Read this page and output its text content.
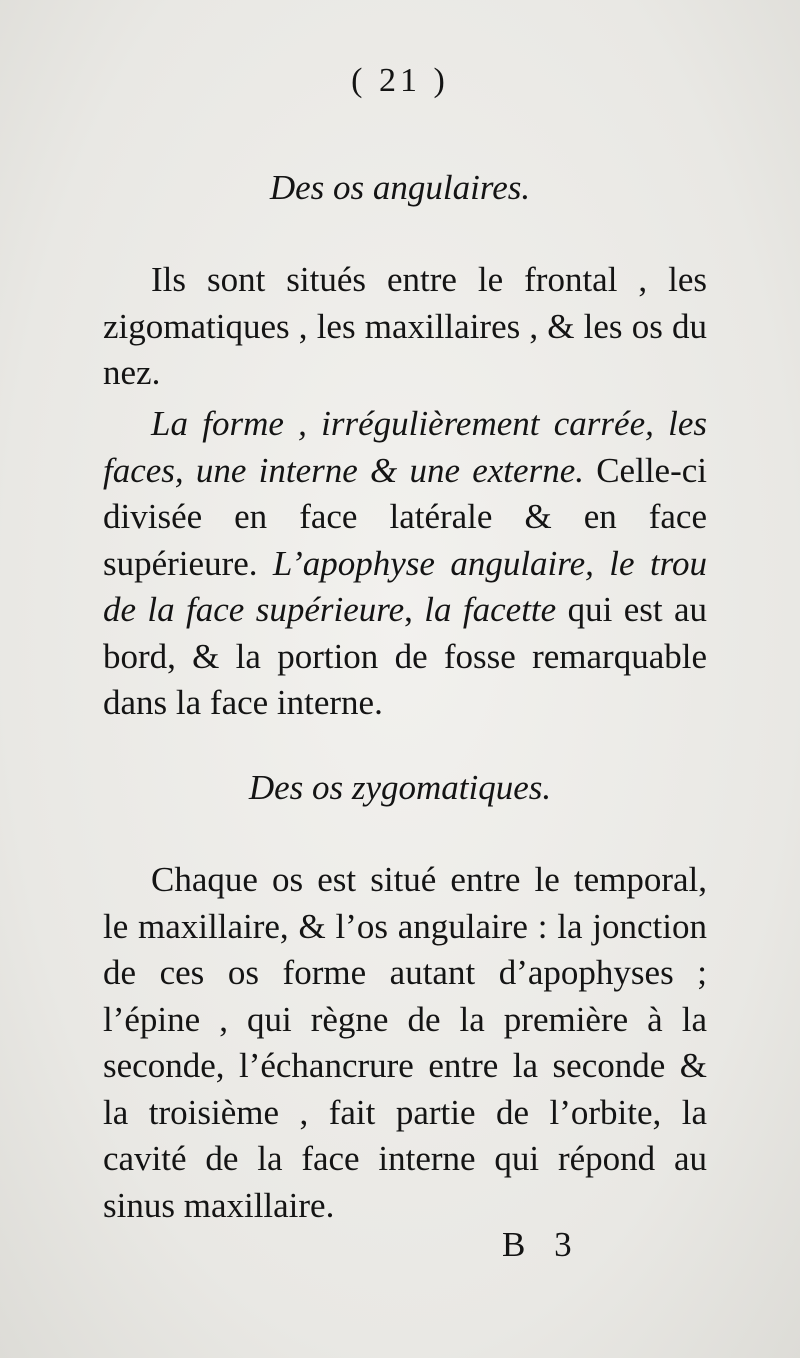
( 21 )
Des os angulaires.
Ils sont situés entre le frontal , les zigomatiques , les maxillaires , & les os du nez.
La forme , irrégulièrement carrée, les faces, une interne & une externe. Celle-ci divisée en face latérale & en face supérieure. L’apophyse angulaire, le trou de la face supérieure, la facette qui est au bord, & la portion de fosse remarquable dans la face interne.
Des os zygomatiques.
Chaque os est situé entre le temporal, le maxillaire, & l’os angulaire : la jonction de ces os forme autant d’apophyses ; l’épine , qui règne de la première à la seconde, l’échancrure entre la seconde & la troisième , fait partie de l’orbite, la cavité de la face interne qui répond au sinus maxillaire.
B 3
